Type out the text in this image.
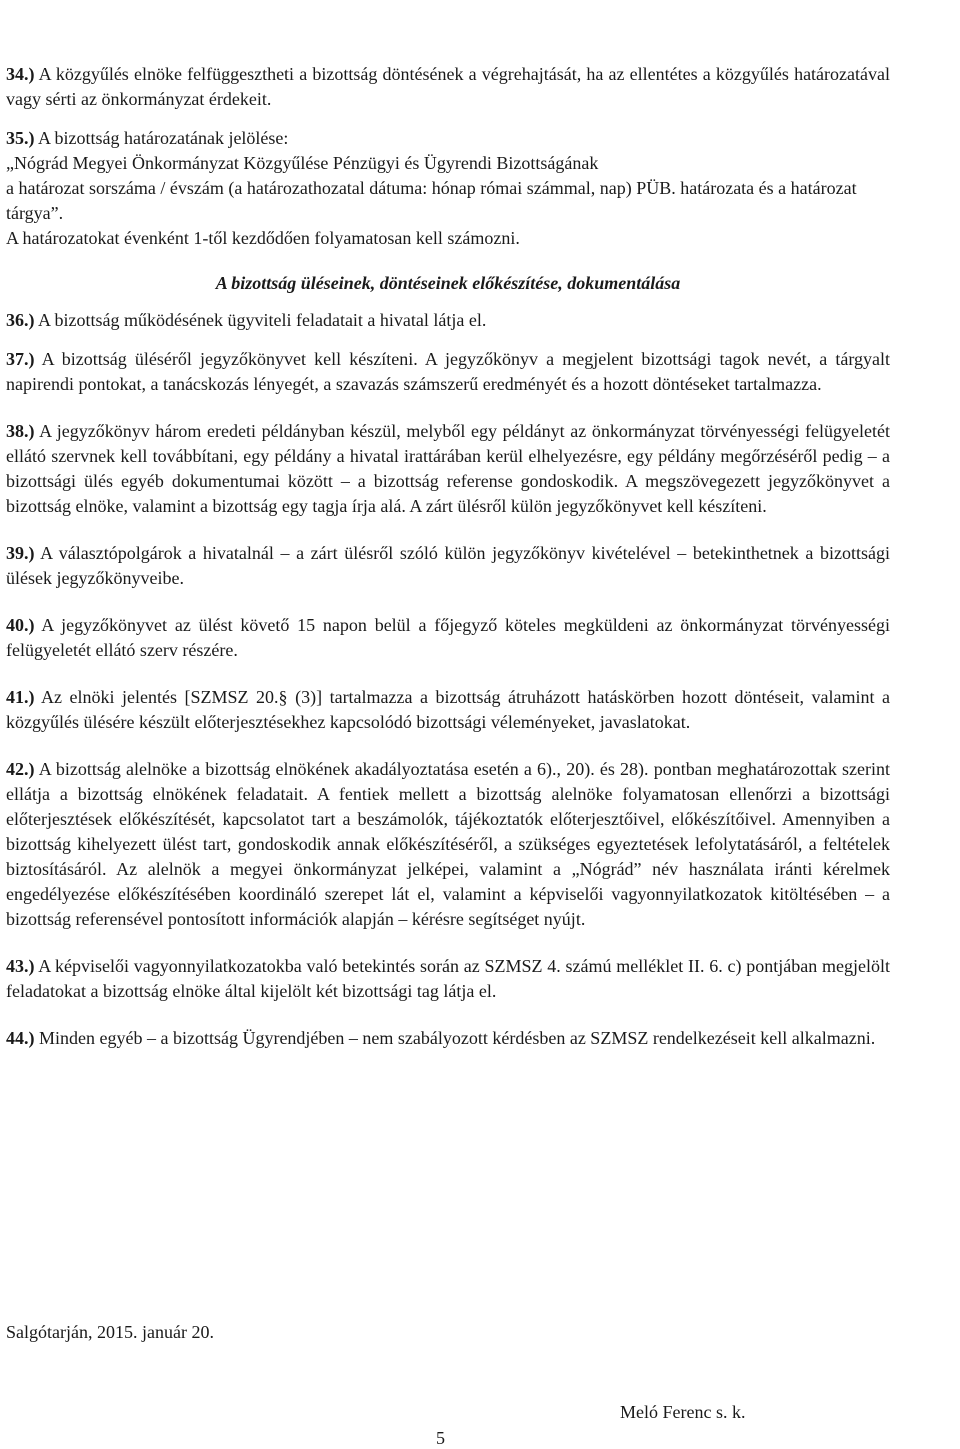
34.) A közgyűlés elnöke felfüggesztheti a bizottság döntésének a végrehajtását, ha az ellentétes a közgyűlés határozatával vagy sérti az önkormányzat érdekeit.

35.) A bizottság határozatának jelölése:
„Nógrád Megyei Önkormányzat Közgyűlése Pénzügyi és Ügyrendi Bizottságának
a határozat sorszáma / évszám (a határozathozatal dátuma: hónap római számmal, nap) PÜB. határozata és a határozat tárgya”.
A határozatokat évenként 1-től kezdődően folyamatosan kell számozni.

A bizottság üléseinek, döntéseinek előkészítése, dokumentálása

36.) A bizottság működésének ügyviteli feladatait a hivatal látja el.

37.) A bizottság üléséről jegyzőkönyvet kell készíteni. A jegyzőkönyv a megjelent bizottsági tagok nevét, a tárgyalt napirendi pontokat, a tanácskozás lényegét, a szavazás számszerű eredményét és a hozott döntéseket tartalmazza.

38.) A jegyzőkönyv három eredeti példányban készül, melyből egy példányt az önkormányzat törvényességi felügyeletét ellátó szervnek kell továbbítani, egy példány a hivatal irattárában kerül elhelyezésre, egy példány megőrzéséről pedig – a bizottsági ülés egyéb dokumentumai között – a bizottság referense gondoskodik. A megszövegezett jegyzőkönyvet a bizottság elnöke, valamint a bizottság egy tagja írja alá. A zárt ülésről külön jegyzőkönyvet kell készíteni.

39.) A választópolgárok a hivatalnál – a zárt ülésről szóló külön jegyzőkönyv kivételével – betekinthetnek a bizottsági ülések jegyzőkönyveibe.

40.) A jegyzőkönyvet az ülést követő 15 napon belül a főjegyző köteles megküldeni az önkormányzat törvényességi felügyeletét ellátó szerv részére.

41.) Az elnöki jelentés [SZMSZ 20.§ (3)] tartalmazza a bizottság átruházott hatáskörben hozott döntéseit, valamint a közgyűlés ülésére készült előterjesztésekhez kapcsolódó bizottsági véleményeket, javaslatokat.

42.) A bizottság alelnöke a bizottság elnökének akadályoztatása esetén a 6)., 20). és 28). pontban meghatározottak szerint ellátja a bizottság elnökének feladatait. A fentiek mellett a bizottság alelnöke folyamatosan ellenőrzi a bizottsági előterjesztések előkészítését, kapcsolatot tart a beszámolók, tájékoztatók előterjesztőivel, előkészítőivel. Amennyiben a bizottság kihelyezett ülést tart, gondoskodik annak előkészítéséről, a szükséges egyeztetések lefolytatásáról, a feltételek biztosításáról. Az alelnök a megyei önkormányzat jelképei, valamint a „Nógrád” név használata iránti kérelmek engedélyezése előkészítésében koordináló szerepet lát el, valamint a képviselői vagyonnyilatkozatok kitöltésében – a bizottság referensével pontosított információk alapján – kérésre segítséget nyújt.

43.) A képviselői vagyonnyilatkozatokba való betekintés során az SZMSZ 4. számú melléklet II. 6. c) pontjában megjelölt feladatokat a bizottság elnöke által kijelölt két bizottsági tag látja el.

44.) Minden egyéb – a bizottság Ügyrendjében – nem szabályozott kérdésben az SZMSZ rendelkezéseit kell alkalmazni.

Salgótarján, 2015. január 20.
Meló Ferenc s. k.
5
